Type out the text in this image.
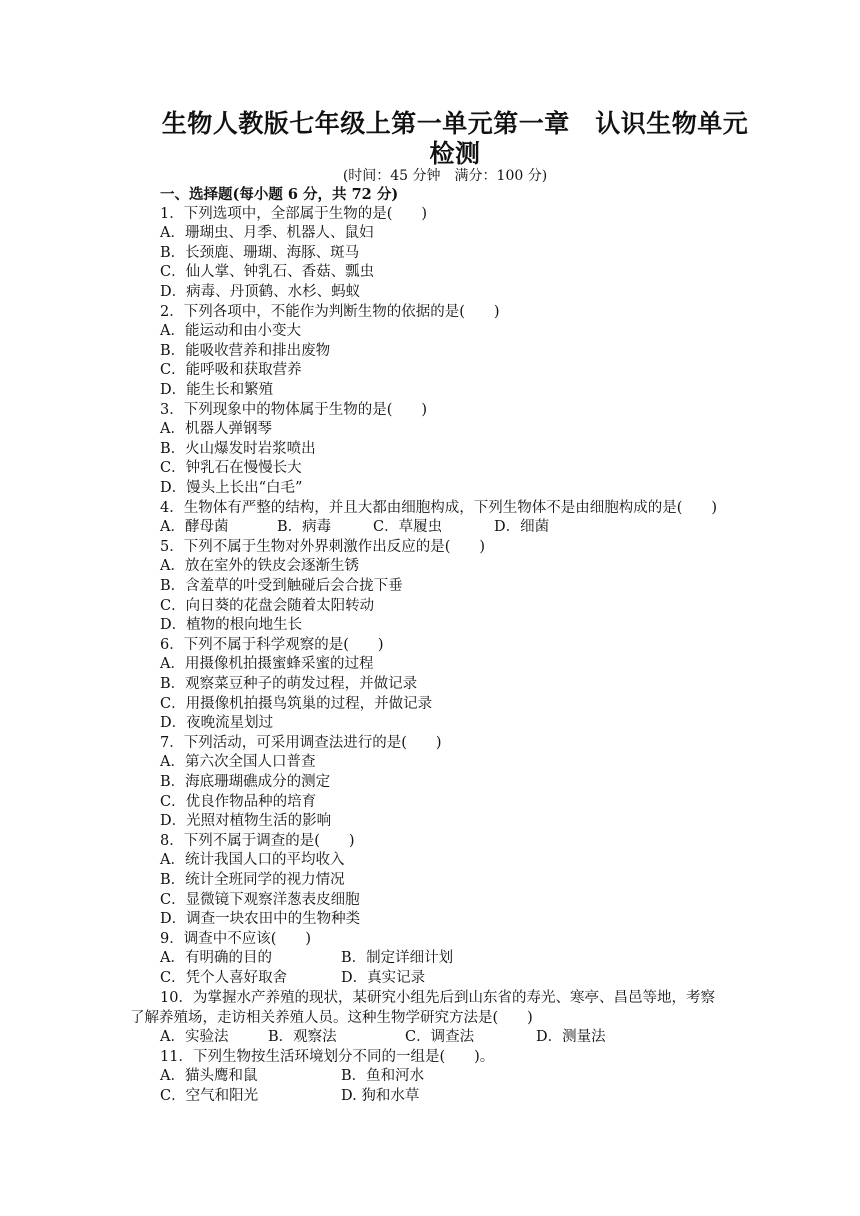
生物人教版七年级上第一单元第一章　认识生物单元
检测
(时间：45 分钟　满分：100 分)
一、选择题(每小题 6 分，共 72 分)
1．下列选项中，全部属于生物的是(　　)
A．珊瑚虫、月季、机器人、鼠妇
B．长颈鹿、珊瑚、海豚、斑马
C．仙人掌、钟乳石、香菇、瓢虫
D．病毒、丹顶鹤、水杉、蚂蚁
2．下列各项中，不能作为判断生物的依据的是(　　)
A．能运动和由小变大
B．能吸收营养和排出废物
C．能呼吸和获取营养
D．能生长和繁殖
3．下列现象中的物体属于生物的是(　　)
A．机器人弹钢琴
B．火山爆发时岩浆喷出
C．钟乳石在慢慢长大
D．馒头上长出“白毛”
4．生物体有严整的结构，并且大都由细胞构成，下列生物体不是由细胞构成的是(　　)
A．酵母菌	B．病毒	C．草履虫	D．细菌
5．下列不属于生物对外界刺激作出反应的是(　　)
A．放在室外的铁皮会逐渐生锈
B．含羞草的叶受到触碰后会合拢下垂
C．向日葵的花盘会随着太阳转动
D．植物的根向地生长
6．下列不属于科学观察的是(　　)
A．用摄像机拍摄蜜蜂采蜜的过程
B．观察菜豆种子的萌发过程，并做记录
C．用摄像机拍摄鸟筑巢的过程，并做记录
D．夜晚流星划过
7．下列活动，可采用调查法进行的是(　　)
A．第六次全国人口普查
B．海底珊瑚礁成分的测定
C．优良作物品种的培育
D．光照对植物生活的影响
8．下列不属于调查的是(　　)
A．统计我国人口的平均收入
B．统计全班同学的视力情况
C．显微镜下观察洋葱表皮细胞
D．调查一块农田中的生物种类
9．调查中不应该(　　)
A．有明确的目的	B．制定详细计划
C．凭个人喜好取舍	D．真实记录
10．为掌握水产养殖的现状，某研究小组先后到山东省的寿光、寒亭、昌邑等地，考察
了解养殖场，走访相关养殖人员。这种生物学研究方法是(　　)
A．实验法	B．观察法	C．调查法	D．测量法
11．下列生物按生活环境划分不同的一组是(　　)。
A．猫头鹰和鼠	B．鱼和河水
C．空气和阳光	D. 狗和水草
